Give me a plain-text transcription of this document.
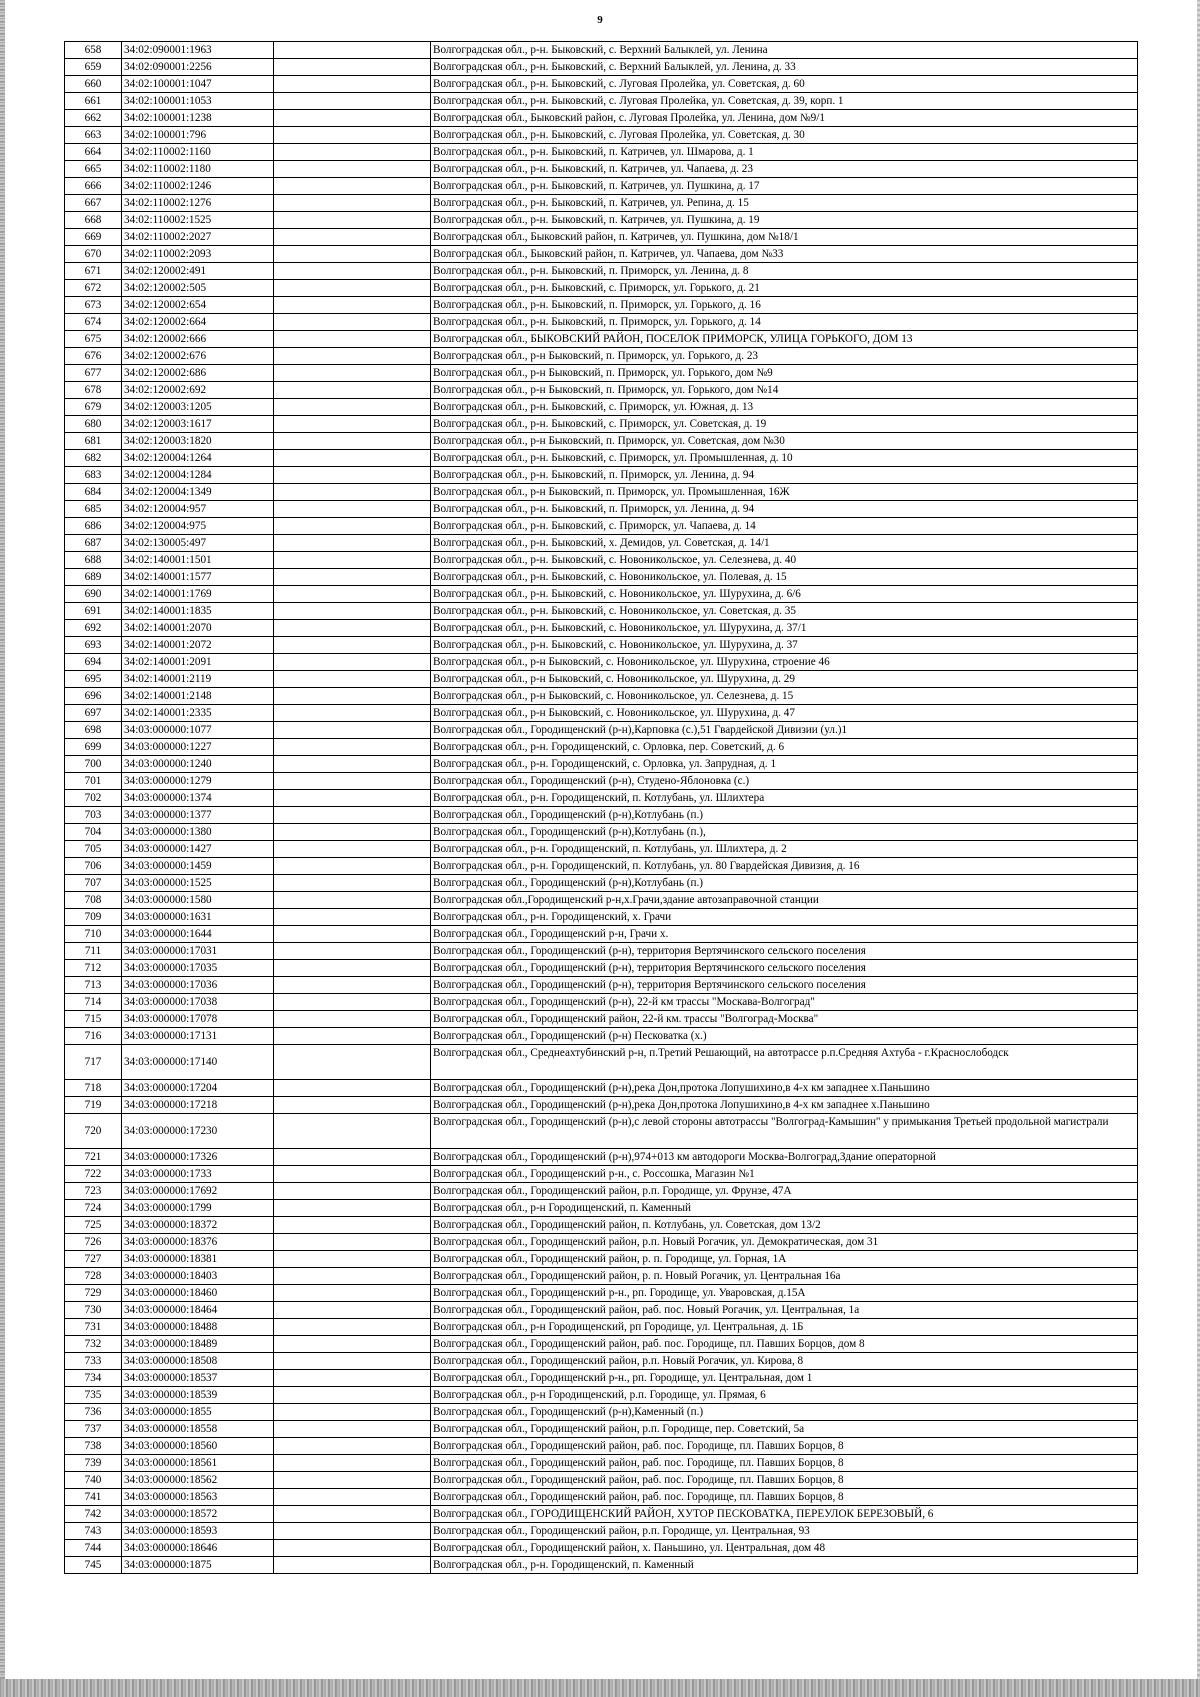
9
658	34:02:090001:1963		Волгоградская обл., р-н. Быковский, с. Верхний Балыклей, ул. Ленина
659	34:02:090001:2256		Волгоградская обл., р-н. Быковский, с. Верхний Балыклей, ул. Ленина, д. 33
660	34:02:100001:1047		Волгоградская обл., р-н. Быковский, с. Луговая Пролейка, ул. Советская, д. 60
661	34:02:100001:1053		Волгоградская обл., р-н. Быковский, с. Луговая Пролейка, ул. Советская, д. 39, корп. 1
662	34:02:100001:1238		Волгоградская обл., Быковский район, с. Луговая Пролейка, ул. Ленина, дом №9/1
663	34:02:100001:796		Волгоградская обл., р-н. Быковский, с. Луговая Пролейка, ул. Советская, д. 30
664	34:02:110002:1160		Волгоградская обл., р-н. Быковский, п. Катричев, ул. Шмарова, д. 1
665	34:02:110002:1180		Волгоградская обл., р-н. Быковский, п. Катричев, ул. Чапаева, д. 23
666	34:02:110002:1246		Волгоградская обл., р-н. Быковский, п. Катричев, ул. Пушкина, д. 17
667	34:02:110002:1276		Волгоградская обл., р-н. Быковский, п. Катричев, ул. Репина, д. 15
668	34:02:110002:1525		Волгоградская обл., р-н. Быковский, п. Катричев, ул. Пушкина, д. 19
669	34:02:110002:2027		Волгоградская обл., Быковский район, п. Катричев, ул. Пушкина, дом №18/1
670	34:02:110002:2093		Волгоградская обл., Быковский район, п. Катричев, ул. Чапаева, дом №33
671	34:02:120002:491		Волгоградская обл., р-н. Быковский, п. Приморск, ул. Ленина, д. 8
672	34:02:120002:505		Волгоградская обл., р-н. Быковский, с. Приморск, ул. Горького, д. 21
673	34:02:120002:654		Волгоградская обл., р-н. Быковский, п. Приморск, ул. Горького, д. 16
674	34:02:120002:664		Волгоградская обл., р-н. Быковский, п. Приморск, ул. Горького, д. 14
675	34:02:120002:666		Волгоградская обл., БЫКОВСКИЙ РАЙОН, ПОСЕЛОК ПРИМОРСК, УЛИЦА ГОРЬКОГО, ДОМ 13
676	34:02:120002:676		Волгоградская обл., р-н Быковский, п. Приморск, ул. Горького, д. 23
677	34:02:120002:686		Волгоградская обл., р-н Быковский, п. Приморск, ул. Горького, дом №9
678	34:02:120002:692		Волгоградская обл., р-н Быковский, п. Приморск, ул. Горького, дом №14
679	34:02:120003:1205		Волгоградская обл., р-н. Быковский, с. Приморск, ул. Южная, д. 13
680	34:02:120003:1617		Волгоградская обл., р-н. Быковский, с. Приморск, ул. Советская, д. 19
681	34:02:120003:1820		Волгоградская обл., р-н Быковский, п. Приморск, ул. Советская, дом №30
682	34:02:120004:1264		Волгоградская обл., р-н. Быковский, с. Приморск, ул. Промышленная, д. 10
683	34:02:120004:1284		Волгоградская обл., р-н. Быковский, п. Приморск, ул. Ленина, д. 94
684	34:02:120004:1349		Волгоградская обл., р-н Быковский, п. Приморск, ул. Промышленная, 16Ж
685	34:02:120004:957		Волгоградская обл., р-н. Быковский, п. Приморск, ул. Ленина, д. 94
686	34:02:120004:975		Волгоградская обл., р-н. Быковский, с. Приморск, ул. Чапаева, д. 14
687	34:02:130005:497		Волгоградская обл., р-н. Быковский, х. Демидов, ул. Советская, д. 14/1
688	34:02:140001:1501		Волгоградская обл., р-н. Быковский, с. Новоникольское, ул. Селезнева, д. 40
689	34:02:140001:1577		Волгоградская обл., р-н. Быковский, с. Новоникольское, ул. Полевая, д. 15
690	34:02:140001:1769		Волгоградская обл., р-н. Быковский, с. Новоникольское, ул. Шурухина, д. 6/6
691	34:02:140001:1835		Волгоградская обл., р-н. Быковский, с. Новоникольское, ул. Советская, д. 35
692	34:02:140001:2070		Волгоградская обл., р-н. Быковский, с. Новоникольское, ул. Шурухина, д. 37/1
693	34:02:140001:2072		Волгоградская обл., р-н. Быковский, с. Новоникольское, ул. Шурухина, д. 37
694	34:02:140001:2091		Волгоградская обл., р-н Быковский, с. Новоникольское, ул. Шурухина, строение 46
695	34:02:140001:2119		Волгоградская обл., р-н Быковский, с. Новоникольское, ул. Шурухина, д. 29
696	34:02:140001:2148		Волгоградская обл., р-н Быковский, с. Новоникольское, ул. Селезнева, д. 15
697	34:02:140001:2335		Волгоградская обл., р-н Быковский, с. Новоникольское, ул. Шурухина, д. 47
698	34:03:000000:1077		Волгоградская обл., Городищенский (р-н),Карповка (с.),51 Гвардейской Дивизии (ул.)1
699	34:03:000000:1227		Волгоградская обл., р-н. Городищенский, с. Орловка, пер. Советский, д. 6
700	34:03:000000:1240		Волгоградская обл., р-н. Городищенский, с. Орловка, ул. Запрудная, д. 1
701	34:03:000000:1279		Волгоградская обл., Городищенский (р-н), Студено-Яблоновка (с.)
702	34:03:000000:1374		Волгоградская обл., р-н. Городищенский, п. Котлубань, ул. Шлихтера
703	34:03:000000:1377		Волгоградская обл., Городищенский (р-н),Котлубань (п.)
704	34:03:000000:1380		Волгоградская обл., Городищенский (р-н),Котлубань (п.),
705	34:03:000000:1427		Волгоградская обл., р-н. Городищенский, п. Котлубань, ул. Шлихтера, д. 2
706	34:03:000000:1459		Волгоградская обл., р-н. Городищенский, п. Котлубань, ул. 80 Гвардейская Дивизия, д. 16
707	34:03:000000:1525		Волгоградская обл., Городищенский (р-н),Котлубань (п.)
708	34:03:000000:1580		Волгоградская обл.,Городищенский р-н,х.Грачи,здание автозаправочной станции
709	34:03:000000:1631		Волгоградская обл., р-н. Городищенский, х. Грачи
710	34:03:000000:1644		Волгоградская обл., Городищенский р-н, Грачи х.
711	34:03:000000:17031		Волгоградская обл., Городищенский (р-н), территория Вертячинского сельского поселения
712	34:03:000000:17035		Волгоградская обл., Городищенский (р-н), территория Вертячинского сельского поселения
713	34:03:000000:17036		Волгоградская обл., Городищенский (р-н), территория Вертячинского сельского поселения
714	34:03:000000:17038		Волгоградская обл., Городищенский (р-н), 22-й км трассы "Москава-Волгоград"
715	34:03:000000:17078		Волгоградская обл., Городищенский район, 22-й км. трассы "Волгоград-Москва"
716	34:03:000000:17131		Волгоградская обл., Городищенский (р-н) Песковатка (х.)
717	34:03:000000:17140		Волгоградская обл., Среднеахтубинский р-н, п.Третий Решающий, на автотрассе р.п.Средняя Ахтуба - г.Краснослободск
718	34:03:000000:17204		Волгоградская обл., Городищенский (р-н),река Дон,протока Лопушихино,в 4-х км западнее х.Паньшино
719	34:03:000000:17218		Волгоградская обл., Городищенский (р-н),река Дон,протока Лопушихино,в 4-х км западнее х.Паньшино
720	34:03:000000:17230		Волгоградская обл., Городищенский (р-н),с левой стороны автотрассы "Волгоград-Камышин" у примыкания Третьей продольной магистрали
721	34:03:000000:17326		Волгоградская обл., Городищенский (р-н),974+013 км автодороги Москва-Волгоград,Здание операторной
722	34:03:000000:1733		Волгоградская обл., Городищенский р-н., с. Россошка, Магазин №1
723	34:03:000000:17692		Волгоградская обл., Городищенский район, р.п. Городище, ул. Фрунзе, 47А
724	34:03:000000:1799		Волгоградская обл., р-н Городищенский, п. Каменный
725	34:03:000000:18372		Волгоградская обл., Городищенский район, п. Котлубань, ул. Советская, дом 13/2
726	34:03:000000:18376		Волгоградская обл., Городищенский район, р.п. Новый Рогачик, ул. Демократическая, дом 31
727	34:03:000000:18381		Волгоградская обл., Городищенский район, р. п. Городище, ул. Горная, 1А
728	34:03:000000:18403		Волгоградская обл., Городищенский район, р. п. Новый Рогачик, ул. Центральная 16а
729	34:03:000000:18460		Волгоградская обл., Городищенский р-н., рп. Городище, ул. Уваровская, д.15А
730	34:03:000000:18464		Волгоградская обл., Городищенский район, раб. пос. Новый Рогачик, ул. Центральная, 1а
731	34:03:000000:18488		Волгоградская обл., р-н Городищенский, рп Городище, ул. Центральная, д. 1Б
732	34:03:000000:18489		Волгоградская обл., Городищенский район, раб. пос. Городище, пл. Павших Борцов, дом 8
733	34:03:000000:18508		Волгоградская обл., Городищенский район, р.п. Новый Рогачик, ул. Кирова, 8
734	34:03:000000:18537		Волгоградская обл., Городищенский р-н., рп. Городище, ул. Центральная, дом 1
735	34:03:000000:18539		Волгоградская обл., р-н Городищенский, р.п. Городище, ул. Прямая, 6
736	34:03:000000:1855		Волгоградская обл., Городищенский (р-н),Каменный (п.)
737	34:03:000000:18558		Волгоградская обл., Городищенский район, р.п. Городище, пер. Советский, 5а
738	34:03:000000:18560		Волгоградская обл., Городищенский район, раб. пос. Городище, пл. Павших Борцов, 8
739	34:03:000000:18561		Волгоградская обл., Городищенский район, раб. пос. Городище, пл. Павших Борцов, 8
740	34:03:000000:18562		Волгоградская обл., Городищенский район, раб. пос. Городище, пл. Павших Борцов, 8
741	34:03:000000:18563		Волгоградская обл., Городищенский район, раб. пос. Городище, пл. Павших Борцов, 8
742	34:03:000000:18572		Волгоградская обл., ГОРОДИЩЕНСКИЙ РАЙОН, ХУТОР ПЕСКОВАТКА, ПЕРЕУЛОК БЕРЕЗОВЫЙ, 6
743	34:03:000000:18593		Волгоградская обл., Городищенский район, р.п. Городище, ул. Центральная, 93
744	34:03:000000:18646		Волгоградская обл., Городищенский район, х. Паньшино, ул. Центральная, дом 48
745	34:03:000000:1875		Волгоградская обл., р-н. Городищенский, п. Каменный
